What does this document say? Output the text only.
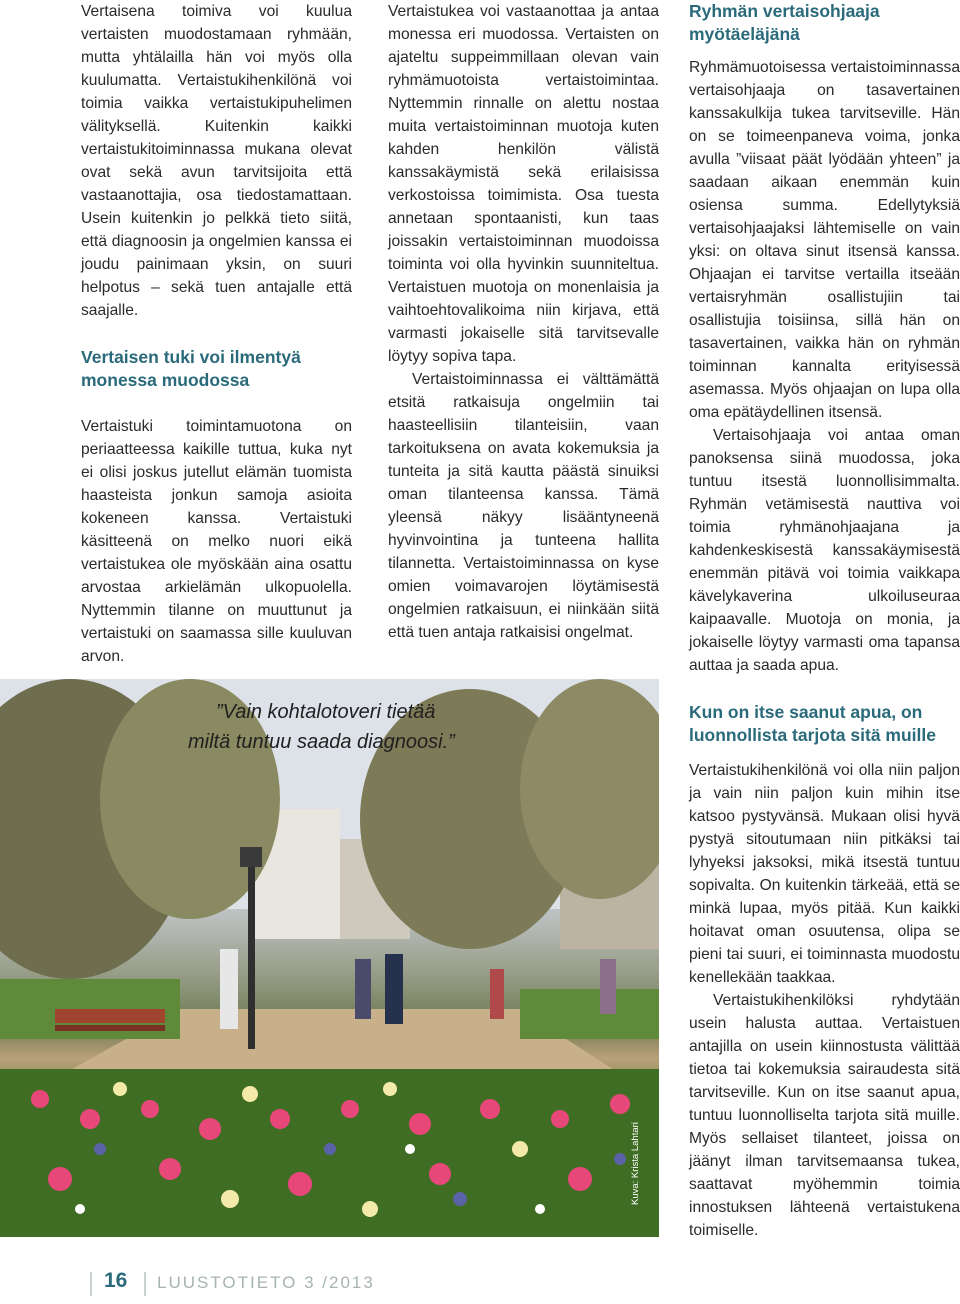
Vertaisena toimiva voi kuulua vertaisten muodostamaan ryhmään, mutta yhtälailla hän voi myös olla kuulumatta. Vertaistukihenkilönä voi toimia vaikka vertaistukipuhelimen välityksellä. Kuitenkin kaikki vertaistukitoiminnassa mukana olevat ovat sekä avun tarvitsijoita että vastaanottajia, osa tiedostamattaan. Usein kuitenkin jo pelkkä tieto siitä, että diagnoosin ja ongelmien kanssa ei joudu painimaan yksin, on suuri helpotus – sekä tuen antajalle että saajalle.

Vertaisen tuki voi ilmentyä monessa muodossa

Vertaistuki toimintamuotona on periaatteessa kaikille tuttua, kuka nyt ei olisi joskus jutellut elämän tuomista haasteista jonkun samoja asioita kokeneen kanssa. Vertaistuki käsitteenä on melko nuori eikä vertaistukea ole myöskään aina osattu arvostaa arkielämän ulkopuolella. Nyttemmin tilanne on muuttunut ja vertaistuki on saamassa sille kuuluvan arvon.

Vertaistukea voi vastaanottaa ja antaa monessa eri muodossa. Vertaisten on ajateltu suppeimmillaan olevan vain ryhmämuotoista vertaistoimintaa. Nyttemmin rinnalle on alettu nostaa muita vertaistoiminnan muotoja kuten kahden henkilön välistä kanssakäymistä sekä erilaisissa verkostoissa toimimista. Osa tuesta annetaan spontaanisti, kun taas joissakin vertaistoiminnan muodoissa toiminta voi olla hyvinkin suunniteltua. Vertaistuen muotoja on monenlaisia ja vaihtoehtovalikoima niin kirjava, että varmasti jokaiselle sitä tarvitsevalle löytyy sopiva tapa.

Vertaistoiminnassa ei välttämättä etsitä ratkaisuja ongelmiin tai haasteellisiin tilanteisiin, vaan tarkoituksena on avata kokemuksia ja tunteita ja sitä kautta päästä sinuiksi oman tilanteensa kanssa. Tämä yleensä näkyy lisääntyneenä hyvinvointina ja tunteena hallita tilannetta. Vertaistoiminnassa on kyse omien voimavarojen löytämisestä ongelmien ratkaisuun, ei niinkään siitä että tuen antaja ratkaisisi ongelmat.

Ryhmän vertaisohjaaja myötäeläjänä

Ryhmämuotoisessa vertaistoiminnassa vertaisohjaaja on tasavertainen kanssakulkija tukea tarvitseville. Hän on se toimeenpaneva voima, jonka avulla ”viisaat päät lyödään yhteen” ja saadaan aikaan enemmän kuin osiensa summa. Edellytyksiä vertaisohjaajaksi lähtemiselle on vain yksi: on oltava sinut itsensä kanssa. Ohjaajan ei tarvitse vertailla itseään vertaisryhmän osallistujiin tai osallistujia toisiinsa, sillä hän on tasavertainen, vaikka hän on ryhmän toiminnan kannalta erityisessä asemassa. Myös ohjaajan on lupa olla oma epätäydellinen itsensä.

Vertaisohjaaja voi antaa oman panoksensa siinä muodossa, joka tuntuu itsestä luonnollisimmalta. Ryhmän vetämisestä nauttiva voi toimia ryhmänohjaajana ja kahdenkeskisestä kanssakäymisestä enemmän pitävä voi toimia vaikkapa kävelykaverina ulkoiluseuraa kaipaavalle. Muotoja on monia, ja jokaiselle löytyy varmasti oma tapansa auttaa ja saada apua.

Kun on itse saanut apua, on luonnollista tarjota sitä muille

Vertaistukihenkilönä voi olla niin paljon ja vain niin paljon kuin mihin itse katsoo pystyvänsä. Mukaan olisi hyvä pystyä sitoutumaan niin pitkäksi tai lyhyeksi jaksoksi, mikä itsestä tuntuu sopivalta. On kuitenkin tärkeää, että se minkä lupaa, myös pitää. Kun kaikki hoitavat oman osuutensa, olipa se pieni tai suuri, ei toiminnasta muodostu kenellekään taakkaa.

Vertaistukihenkilöksi ryhdytään usein halusta auttaa. Vertaistuen antajilla on usein kiinnostusta välittää tietoa tai kokemuksia sairaudesta sitä tarvitseville. Kun on itse saanut apua, tuntuu luonnolliselta tarjota sitä muille. Myös sellaiset tilanteet, joissa on jäänyt ilman tarvitsemaansa tukea, saattavat myöhemmin toimia innostuksen lähteenä vertaistukena toimiselle.

”Vain kohtalotoveri tietää
miltä tuntuu saada diagnoosi.”
Kuva: Krista Lahtari
16 LUUSTOTIETO 3 /2013
